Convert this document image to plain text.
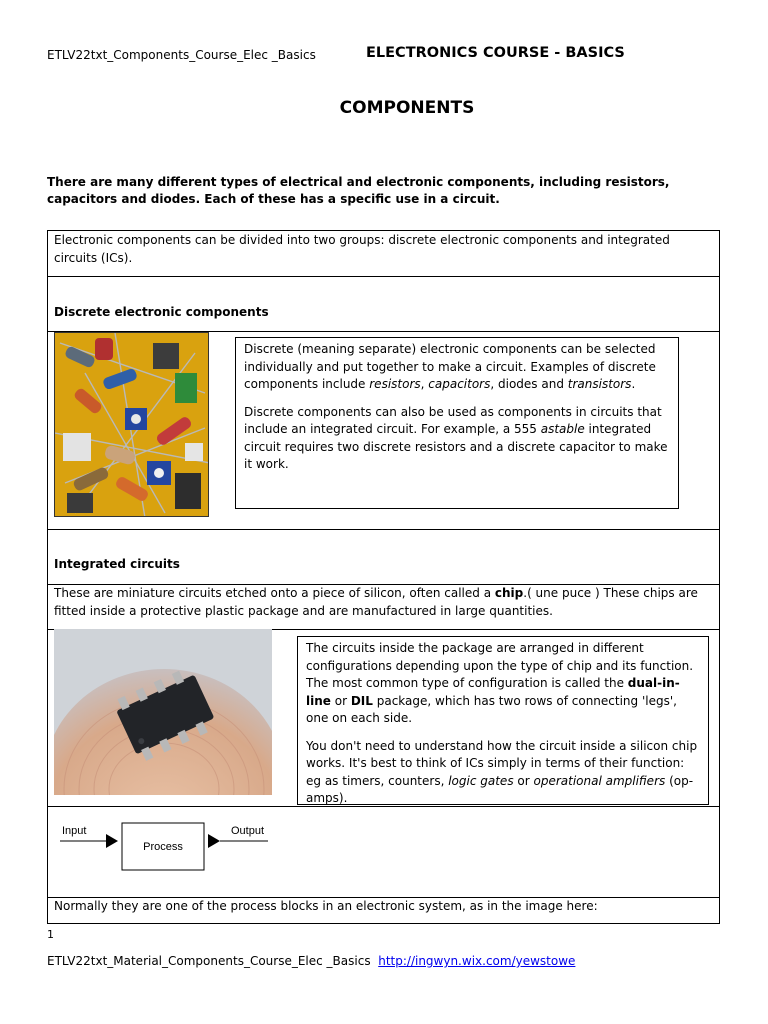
ETLV22txt_Components_Course_Elec _Basics	ELECTRONICS COURSE - BASICS
COMPONENTS
There are many different types of electrical and electronic components, including resistors, capacitors and diodes. Each of these has a specific use in a circuit.
Electronic components can be divided into two groups: discrete electronic components and integrated circuits (ICs).
Discrete electronic components

Discrete (meaning separate) electronic components can be selected individually and put together to make a circuit. Examples of discrete components include resistors, capacitors, diodes and transistors.

Discrete components can also be used as components in circuits that include an integrated circuit. For example, a 555 astable integrated circuit requires two discrete resistors and a discrete capacitor to make it work.

Integrated circuits
These are miniature circuits etched onto a piece of silicon, often called a chip.( une puce ) These chips are fitted inside a protective plastic package and are manufactured in large quantities.

The circuits inside the package are arranged in different configurations depending upon the type of chip and its function. The most common type of configuration is called the dual-in-line or DIL package, which has two rows of connecting 'legs', one on each side.

You don't need to understand how the circuit inside a silicon chip works. It's best to think of ICs simply in terms of their function: eg as timers, counters, logic gates or operational amplifiers (op-amps).

Input
Process
Output
Normally they are one of the process blocks in an electronic system, as in the image here:
1
ETLV22txt_Material_Components_Course_Elec _Basics http://ingwyn.wix.com/yewstowe
